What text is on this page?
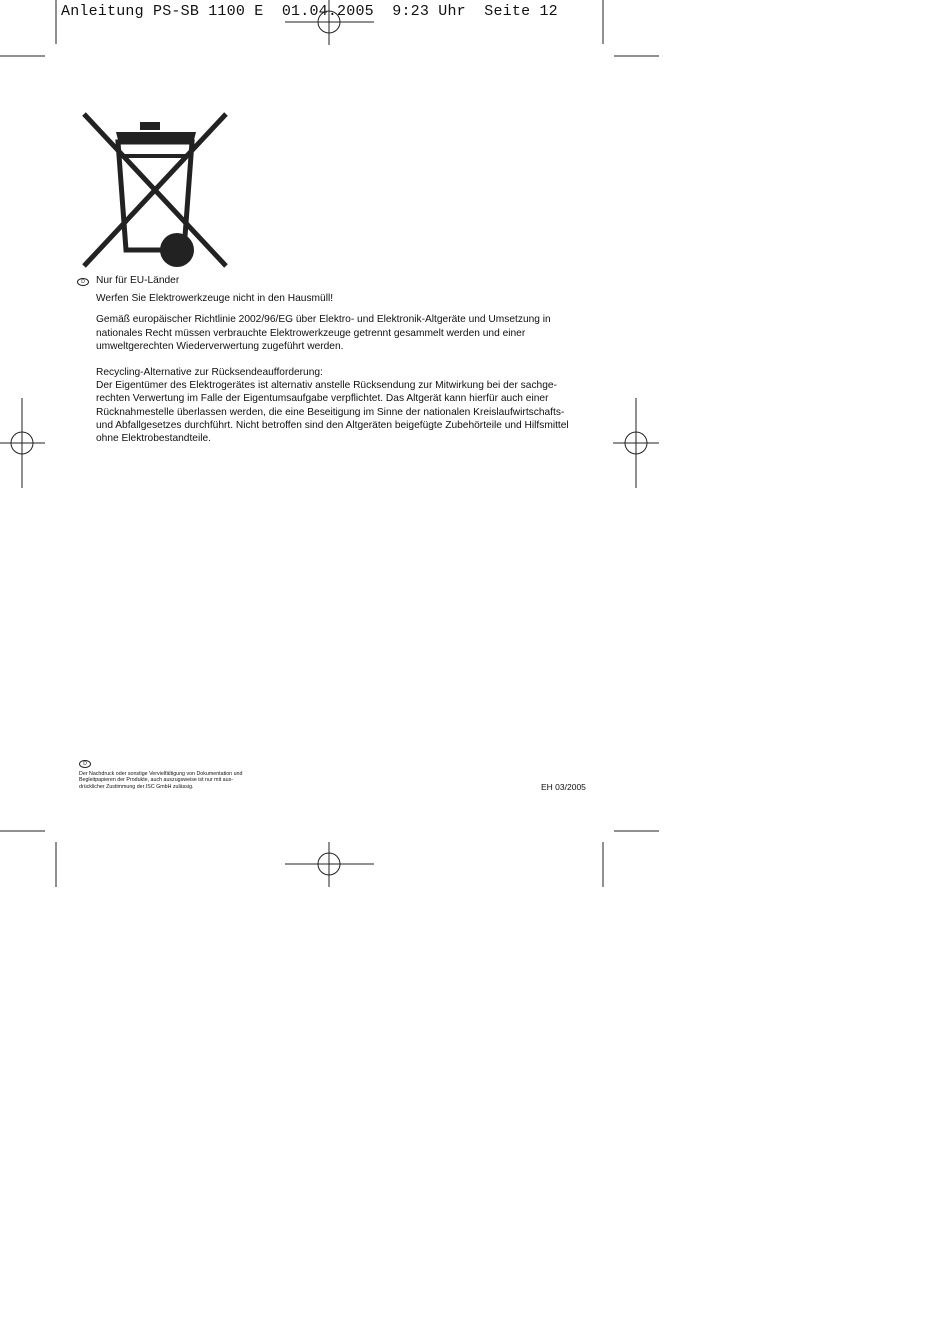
Anleitung PS-SB 1100 E  01.04.2005  9:23 Uhr  Seite 12
D	Nur für EU-Länder

Werfen Sie Elektrowerkzeuge nicht in den Hausmüll!

Gemäß europäischer Richtlinie 2002/96/EG über Elektro- und Elektronik-Altgeräte und Umsetzung in
nationales Recht müssen verbrauchte Elektrowerkzeuge getrennt gesammelt werden und einer
umweltgerechten Wiederverwertung zugeführt werden.
Recycling-Alternative zur Rücksendeaufforderung:
Der Eigentümer des Elektrogerätes ist alternativ anstelle Rücksendung zur Mitwirkung bei der sachge-
rechten Verwertung im Falle der Eigentumsaufgabe verpflichtet. Das Altgerät kann hierfür auch einer
Rücknahmestelle überlassen werden, die eine Beseitigung im Sinne der nationalen Kreislaufwirtschafts-
und Abfallgesetzes durchführt. Nicht betroffen sind den Altgeräten beigefügte Zubehörteile und Hilfsmittel
ohne Elektrobestandteile.
D
Der Nachdruck oder sonstige Vervielfältigung von Dokumentation und
Begleitpapieren der Produkte, auch auszugsweise ist nur mit aus-
drücklicher Zustimmung der ISC GmbH zulässig.	EH 03/2005
